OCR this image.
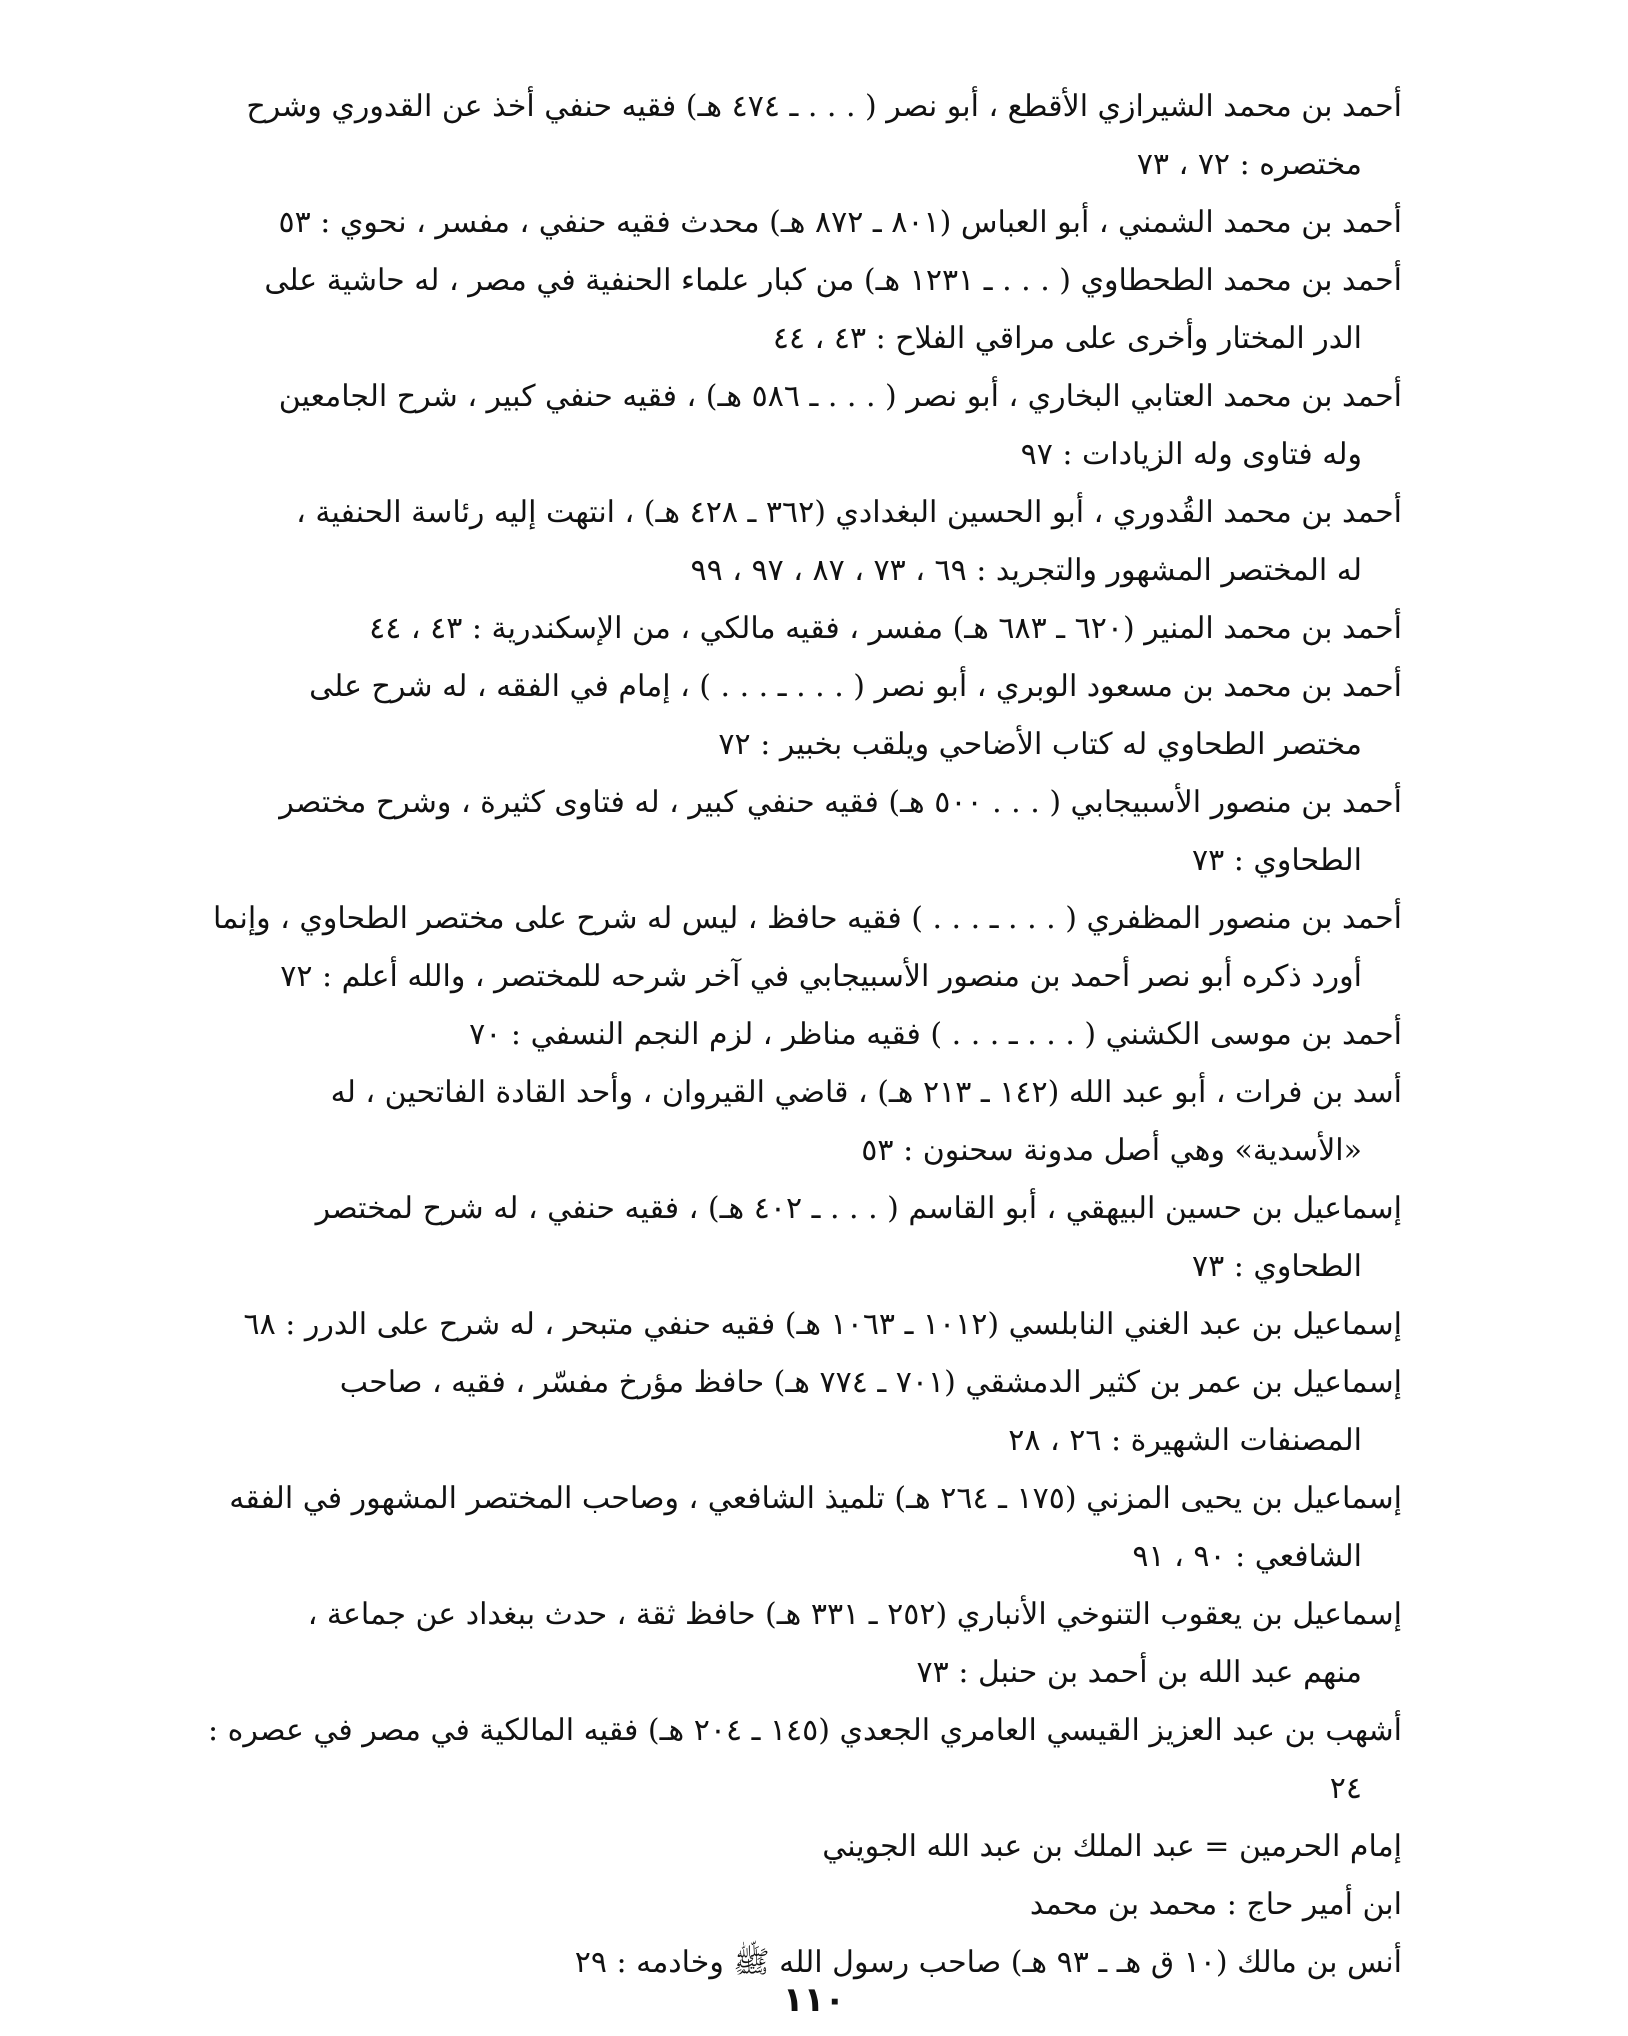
أحمد بن محمد الشيرازي الأقطع ، أبو نصر ( . . . ـ ٤٧٤ هـ) فقيه حنفي أخذ عن القدوري وشرح
مختصره : ٧٢ ، ٧٣
أحمد بن محمد الشمني ، أبو العباس (٨٠١ ـ ٨٧٢ هـ) محدث فقيه حنفي ، مفسر ، نحوي : ٥٣
أحمد بن محمد الطحطاوي ( . . . ـ ١٢٣١ هـ) من كبار علماء الحنفية في مصر ، له حاشية على
الدر المختار وأخرى على مراقي الفلاح : ٤٣ ، ٤٤
أحمد بن محمد العتابي البخاري ، أبو نصر ( . . . ـ ٥٨٦ هـ) ، فقيه حنفي كبير ، شرح الجامعين
وله فتاوى وله الزيادات : ٩٧
أحمد بن محمد القُدوري ، أبو الحسين البغدادي (٣٦٢ ـ ٤٢٨ هـ) ، انتهت إليه رئاسة الحنفية ،
له المختصر المشهور والتجريد : ٦٩ ، ٧٣ ، ٨٧ ، ٩٧ ، ٩٩
أحمد بن محمد المنير (٦٢٠ ـ ٦٨٣ هـ) مفسر ، فقيه مالكي ، من الإسكندرية : ٤٣ ، ٤٤
أحمد بن محمد بن مسعود الوبري ، أبو نصر ( . . . ـ . . . ) ، إمام في الفقه ، له شرح على
مختصر الطحاوي له كتاب الأضاحي ويلقب بخبير : ٧٢
أحمد بن منصور الأسبيجابي ( . . . ٥٠٠ هـ) فقيه حنفي كبير ، له فتاوى كثيرة ، وشرح مختصر
الطحاوي : ٧٣
أحمد بن منصور المظفري ( . . . ـ . . . ) فقيه حافظ ، ليس له شرح على مختصر الطحاوي ، وإنما
أورد ذكره أبو نصر أحمد بن منصور الأسبيجابي في آخر شرحه للمختصر ، والله أعلم : ٧٢
أحمد بن موسى الكشني ( . . . ـ . . . ) فقيه مناظر ، لزم النجم النسفي : ٧٠
أسد بن فرات ، أبو عبد الله (١٤٢ ـ ٢١٣ هـ) ، قاضي القيروان ، وأحد القادة الفاتحين ، له
«الأسدية» وهي أصل مدونة سحنون : ٥٣
إسماعيل بن حسين البيهقي ، أبو القاسم ( . . . ـ ٤٠٢ هـ) ، فقيه حنفي ، له شرح لمختصر
الطحاوي : ٧٣
إسماعيل بن عبد الغني النابلسي (١٠١٢ ـ ١٠٦٣ هـ) فقيه حنفي متبحر ، له شرح على الدرر : ٦٨
إسماعيل بن عمر بن كثير الدمشقي (٧٠١ ـ ٧٧٤ هـ) حافظ مؤرخ مفسّر ، فقيه ، صاحب
المصنفات الشهيرة : ٢٦ ، ٢٨
إسماعيل بن يحيى المزني (١٧٥ ـ ٢٦٤ هـ) تلميذ الشافعي ، وصاحب المختصر المشهور في الفقه
الشافعي : ٩٠ ، ٩١
إسماعيل بن يعقوب التنوخي الأنباري (٢٥٢ ـ ٣٣١ هـ) حافظ ثقة ، حدث ببغداد عن جماعة ،
منهم عبد الله بن أحمد بن حنبل : ٧٣
أشهب بن عبد العزيز القيسي العامري الجعدي (١٤٥ ـ ٢٠٤ هـ) فقيه المالكية في مصر في عصره :
٢٤
إمام الحرمين = عبد الملك بن عبد الله الجويني
ابن أمير حاج : محمد بن محمد
أنس بن مالك (١٠ ق هـ ـ ٩٣ هـ) صاحب رسول الله ﷺ وخادمه : ٢٩
١١٠
